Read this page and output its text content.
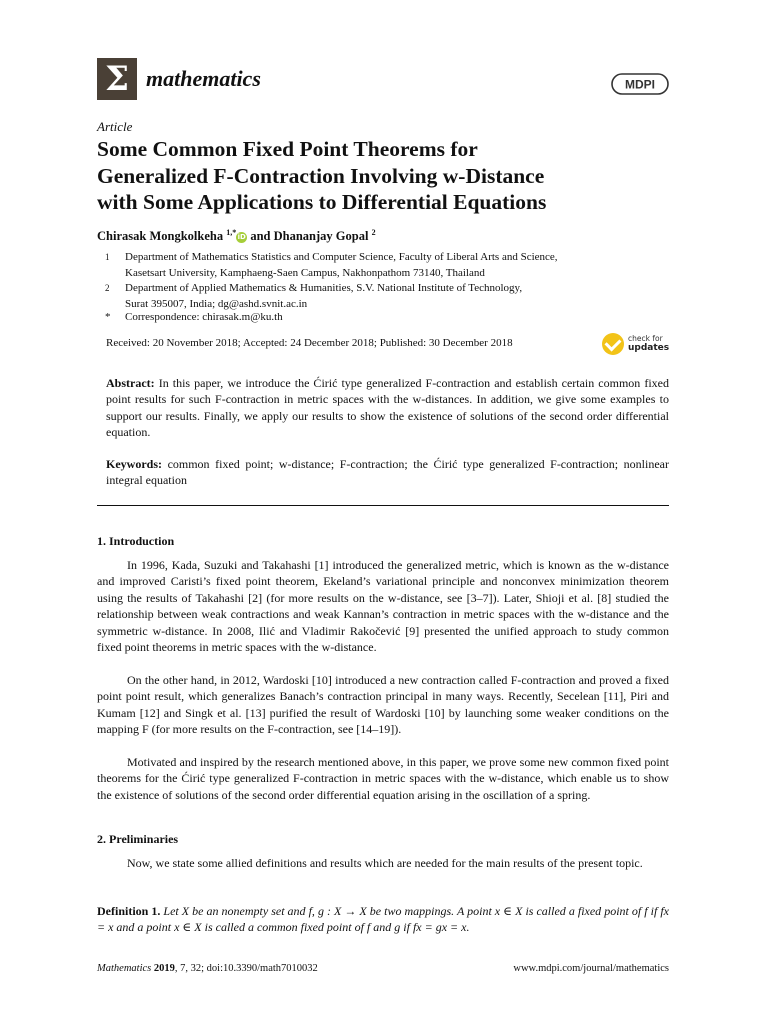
Σ mathematics	MDPI
Article
Some Common Fixed Point Theorems for
Generalized F-Contraction Involving w-Distance
with Some Applications to Differential Equations
Chirasak Mongkolkeha $^{1,*}$iD and Dhananjay Gopal $^2$
1 Department of Mathematics Statistics and Computer Science, Faculty of Liberal Arts and Science,
Kasetsart University, Kamphaeng-Saen Campus, Nakhonpathom 73140, Thailand
2 Department of Applied Mathematics & Humanities, S.V. National Institute of Technology,
Surat 395007, India; dg@ashd.svnit.ac.in
* Correspondence: chirasak.m@ku.th
Received: 20 November 2018; Accepted: 24 December 2018; Published: 30 December 2018	check for
updates
Abstract: In this paper, we introduce the Ćirić type generalized F-contraction and establish certain common fixed point results for such F-contraction in metric spaces with the w-distances. In addition, we give some examples to support our results. Finally, we apply our results to show the existence of solutions of the second order differential equation.
Keywords: common fixed point; w-distance; F-contraction; the Ćirić type generalized F-contraction; nonlinear integral equation
1. Introduction
In 1996, Kada, Suzuki and Takahashi [1] introduced the generalized metric, which is known as the w-distance and improved Caristi’s fixed point theorem, Ekeland’s variational principle and nonconvex minimization theorem using the results of Takahashi [2] (for more results on the w-distance, see [3–7]). Later, Shioji et al. [8] studied the relationship between weak contractions and weak Kannan’s contraction in metric spaces with the w-distance and the symmetric w-distance. In 2008, Ilić and Vladimir Rakočević [9] presented the unified approach to study common fixed point theorems in metric spaces with the w-distance.
On the other hand, in 2012, Wardoski [10] introduced a new contraction called F-contraction and proved a fixed point point result, which generalizes Banach’s contraction principal in many ways. Recently, Secelean [11], Piri and Kumam [12] and Singk et al. [13] purified the result of Wardoski [10] by launching some weaker conditions on the mapping F (for more results on the F-contraction, see [14–19]).
Motivated and inspired by the research mentioned above, in this paper, we prove some new common fixed point theorems for the Ćirić type generalized F-contraction in metric spaces with the w-distance, which enable us to show the existence of solutions of the second order differential equation arising in the oscillation of a spring.
2. Preliminaries
Now, we state some allied definitions and results which are needed for the main results of the present topic.
Definition 1. Let X be an nonempty set and f, g : X → X be two mappings. A point x ∈ X is called a fixed point of f if fx = x and a point x ∈ X is called a common fixed point of f and g if fx = gx = x.
Mathematics 2019, 7, 32; doi:10.3390/math7010032	www.mdpi.com/journal/mathematics
